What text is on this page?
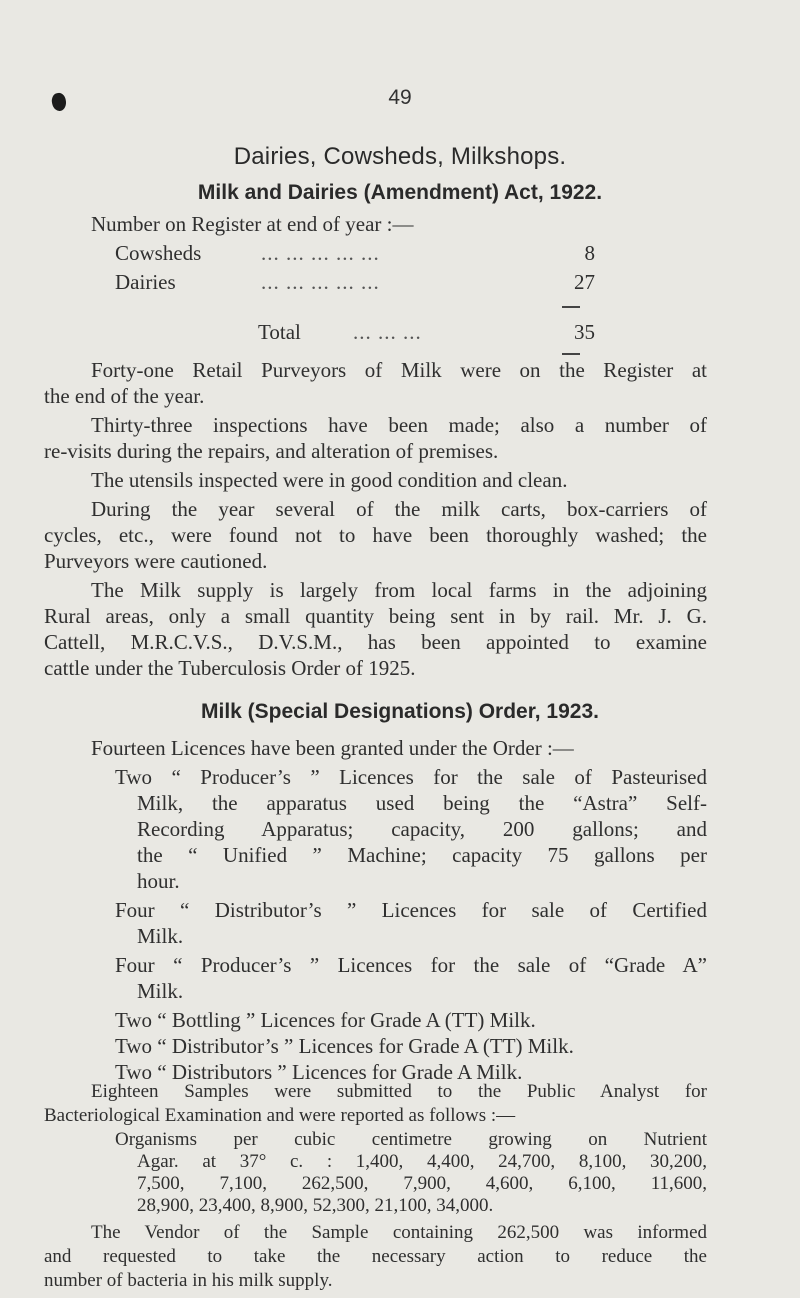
49
Dairies, Cowsheds, Milkshops.
Milk and Dairies (Amendment) Act, 1922.
Number on Register at end of year :—
Cowsheds	... ... ... ... ...	8
Dairies	... ... ... ... ...	27
Total ... ... ...	35
Forty-one Retail Purveyors of Milk were on the Register at
the end of the year.
Thirty-three inspections have been made; also a number of
re-visits during the repairs, and alteration of premises.
The utensils inspected were in good condition and clean.
During the year several of the milk carts, box-carriers of
cycles, etc., were found not to have been thoroughly washed; the
Purveyors were cautioned.
The Milk supply is largely from local farms in the adjoining
Rural areas, only a small quantity being sent in by rail. Mr. J. G.
Cattell, M.R.C.V.S., D.V.S.M., has been appointed to examine
cattle under the Tuberculosis Order of 1925.
Milk (Special Designations) Order, 1923.
Fourteen Licences have been granted under the Order :—
Two “ Producer’s ” Licences for the sale of Pasteurised
Milk, the apparatus used being the “Astra” Self-
Recording Apparatus; capacity, 200 gallons; and
the “ Unified ” Machine; capacity 75 gallons per
hour.
Four “ Distributor’s ” Licences for sale of Certified
Milk.
Four “ Producer’s ” Licences for the sale of “Grade A”
Milk.
Two “ Bottling ” Licences for Grade A (TT) Milk.
Two “ Distributor’s ” Licences for Grade A (TT) Milk.
Two “ Distributors ” Licences for Grade A Milk.
Eighteen Samples were submitted to the Public Analyst for
Bacteriological Examination and were reported as follows :—
Organisms per cubic centimetre growing on Nutrient
Agar. at 37° c. : 1,400, 4,400, 24,700, 8,100, 30,200,
7,500, 7,100, 262,500, 7,900, 4,600, 6,100, 11,600,
28,900, 23,400, 8,900, 52,300, 21,100, 34,000.
The Vendor of the Sample containing 262,500 was informed
and requested to take the necessary action to reduce the
number of bacteria in his milk supply.
